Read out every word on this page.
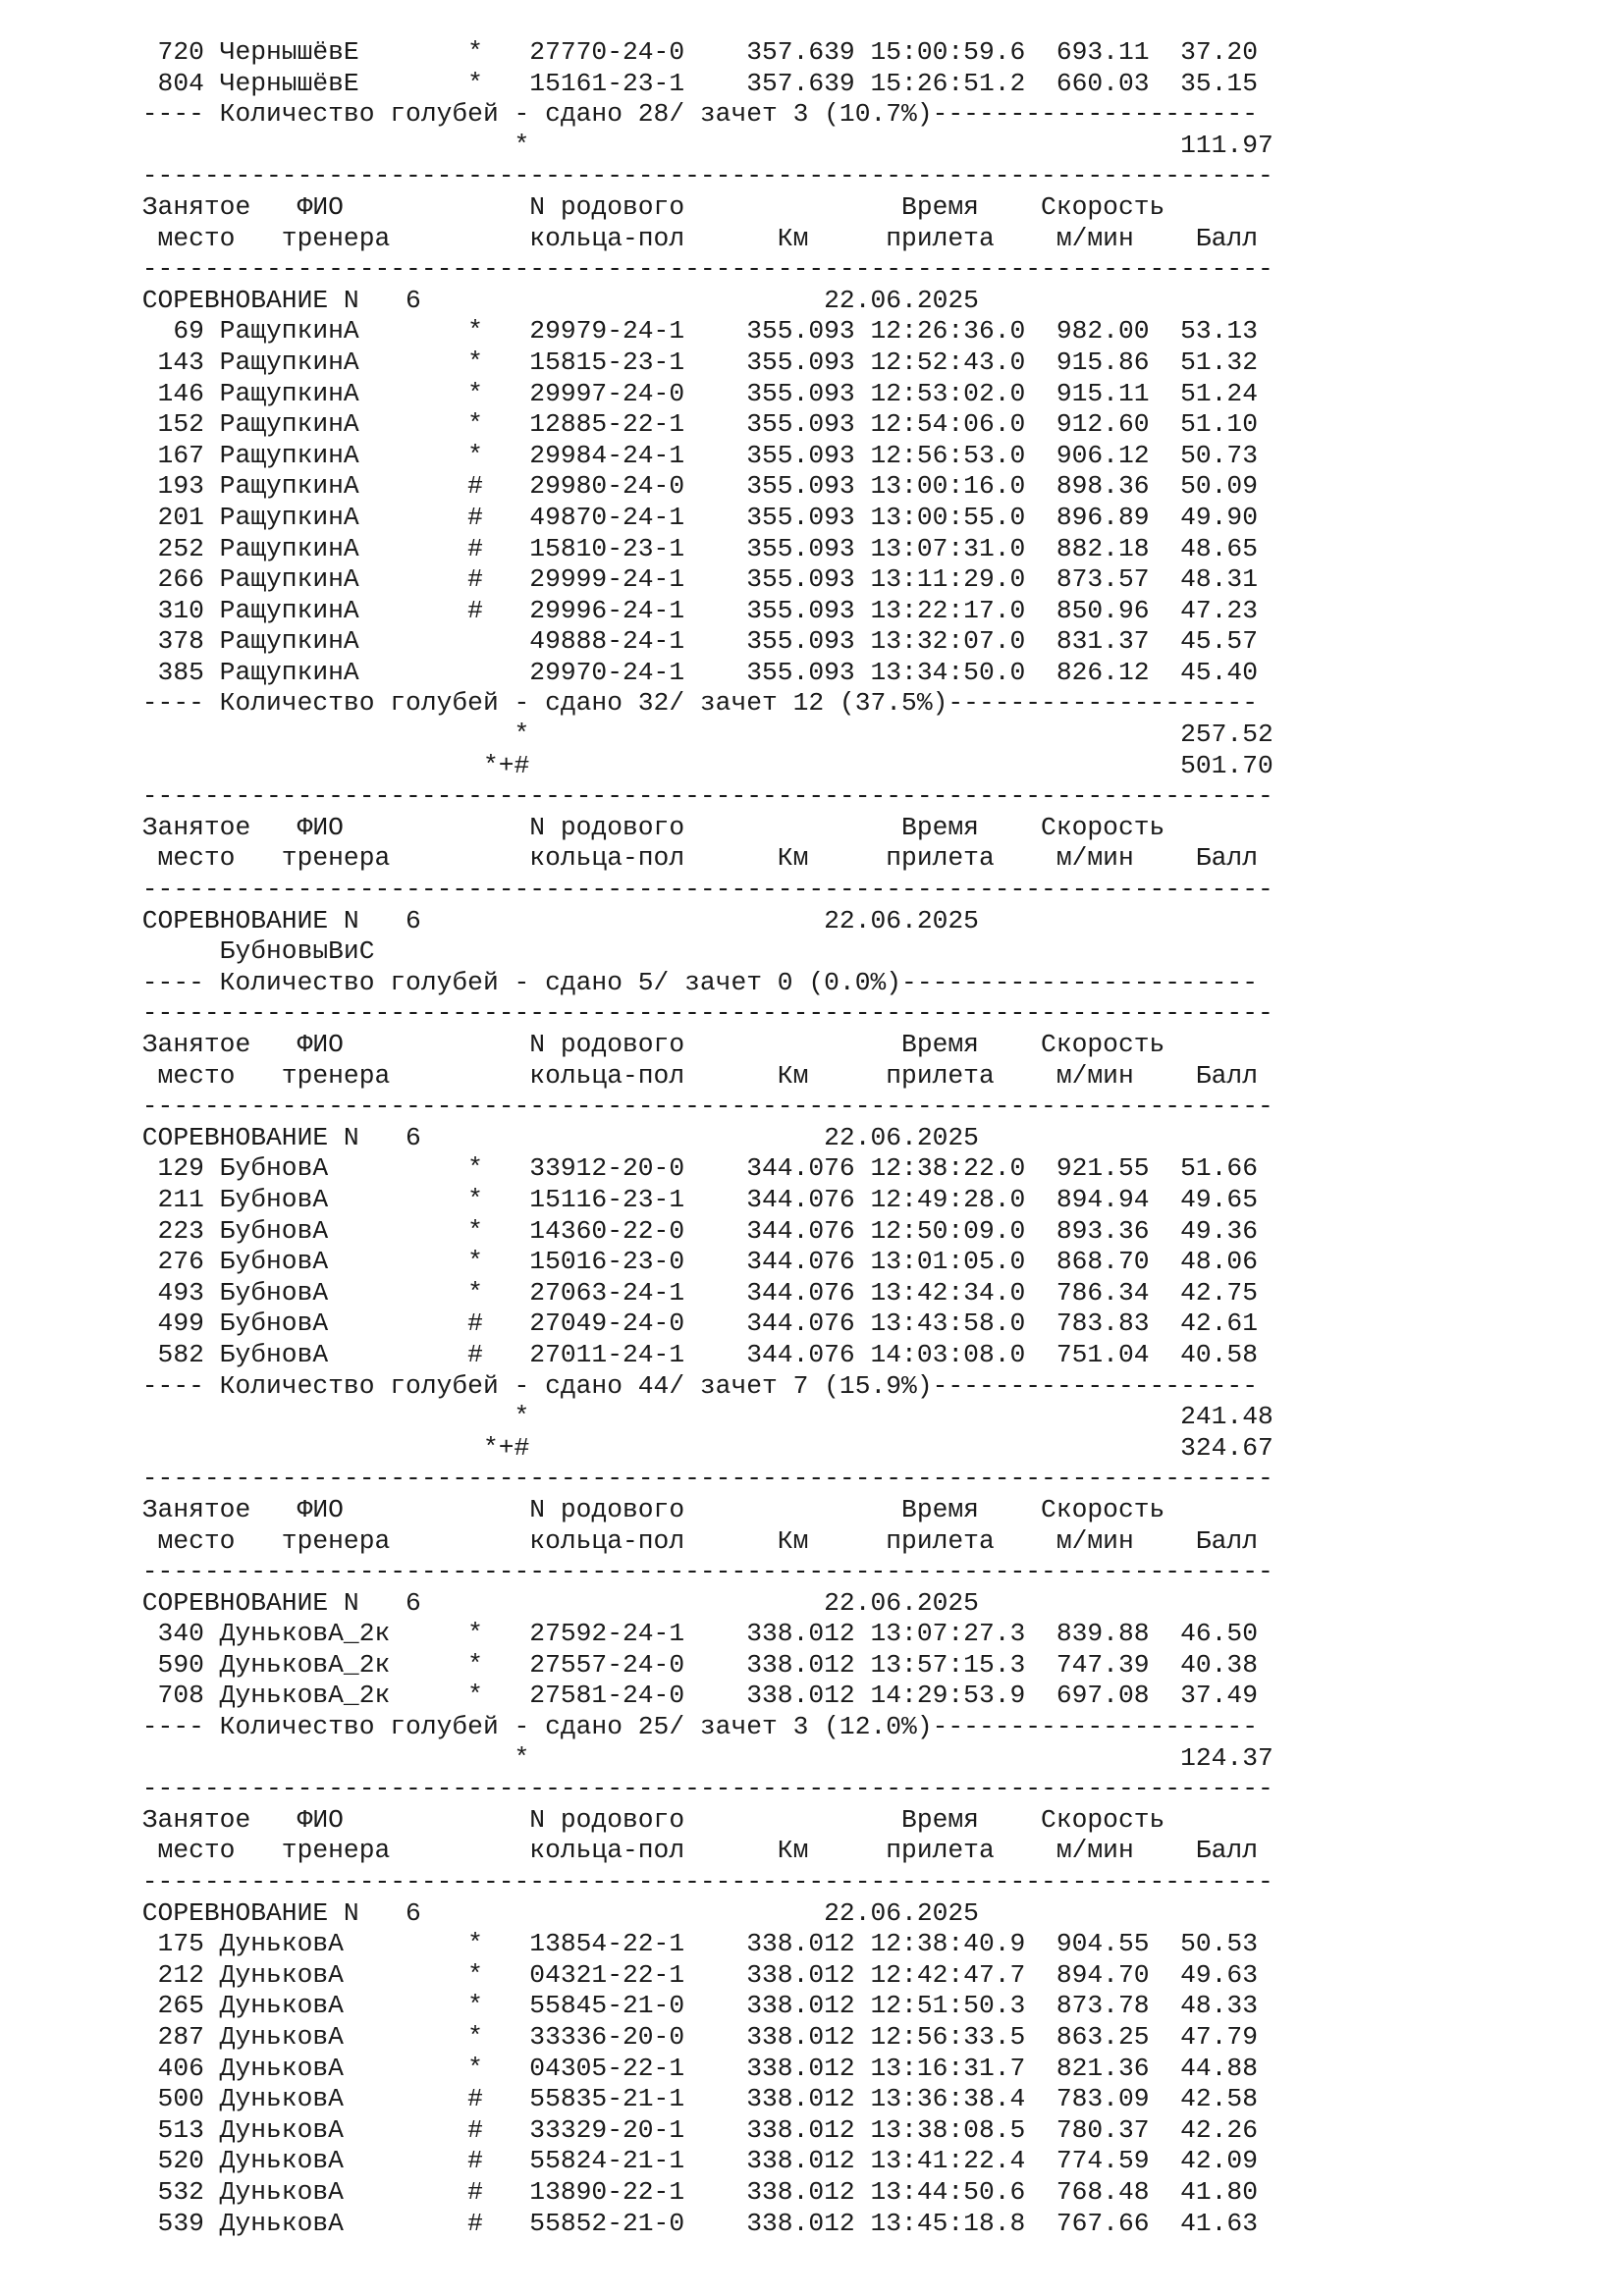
720 ЧернышёвЕ       *   27770-24-0    357.639 15:00:59.6  693.11  37.20
804 ЧернышёвЕ       *   15161-23-1    357.639 15:26:51.2  660.03  35.15
---- Количество голубей - сдано 28/ зачет 3 (10.7%)---------------------
*                                          111.97
-------------------------------------------------------------------------
Занятое   ФИО            N родового              Время    Скорость
место   тренера         кольца-пол      Км     прилета    м/мин    Балл
-------------------------------------------------------------------------
СОРЕВНОВАНИЕ N   6                          22.06.2025
69 РащупкинА       *   29979-24-1    355.093 12:26:36.0  982.00  53.13
143 РащупкинА       *   15815-23-1    355.093 12:52:43.0  915.86  51.32
146 РащупкинА       *   29997-24-0    355.093 12:53:02.0  915.11  51.24
152 РащупкинА       *   12885-22-1    355.093 12:54:06.0  912.60  51.10
167 РащупкинА       *   29984-24-1    355.093 12:56:53.0  906.12  50.73
193 РащупкинА       #   29980-24-0    355.093 13:00:16.0  898.36  50.09
201 РащупкинА       #   49870-24-1    355.093 13:00:55.0  896.89  49.90
252 РащупкинА       #   15810-23-1    355.093 13:07:31.0  882.18  48.65
266 РащупкинА       #   29999-24-1    355.093 13:11:29.0  873.57  48.31
310 РащупкинА       #   29996-24-1    355.093 13:22:17.0  850.96  47.23
378 РащупкинА           49888-24-1    355.093 13:32:07.0  831.37  45.57
385 РащупкинА           29970-24-1    355.093 13:34:50.0  826.12  45.40
---- Количество голубей - сдано 32/ зачет 12 (37.5%)--------------------
*                                          257.52
*+#                                          501.70
-------------------------------------------------------------------------
Занятое   ФИО            N родового              Время    Скорость
место   тренера         кольца-пол      Км     прилета    м/мин    Балл
-------------------------------------------------------------------------
СОРЕВНОВАНИЕ N   6                          22.06.2025
БубновыВиС
---- Количество голубей - сдано 5/ зачет 0 (0.0%)-----------------------
-------------------------------------------------------------------------
Занятое   ФИО            N родового              Время    Скорость
место   тренера         кольца-пол      Км     прилета    м/мин    Балл
-------------------------------------------------------------------------
СОРЕВНОВАНИЕ N   6                          22.06.2025
129 БубновА         *   33912-20-0    344.076 12:38:22.0  921.55  51.66
211 БубновА         *   15116-23-1    344.076 12:49:28.0  894.94  49.65
223 БубновА         *   14360-22-0    344.076 12:50:09.0  893.36  49.36
276 БубновА         *   15016-23-0    344.076 13:01:05.0  868.70  48.06
493 БубновА         *   27063-24-1    344.076 13:42:34.0  786.34  42.75
499 БубновА         #   27049-24-0    344.076 13:43:58.0  783.83  42.61
582 БубновА         #   27011-24-1    344.076 14:03:08.0  751.04  40.58
---- Количество голубей - сдано 44/ зачет 7 (15.9%)---------------------
*                                          241.48
*+#                                          324.67
-------------------------------------------------------------------------
Занятое   ФИО            N родового              Время    Скорость
место   тренера         кольца-пол      Км     прилета    м/мин    Балл
-------------------------------------------------------------------------
СОРЕВНОВАНИЕ N   6                          22.06.2025
340 ДуньковА_2к     *   27592-24-1    338.012 13:07:27.3  839.88  46.50
590 ДуньковА_2к     *   27557-24-0    338.012 13:57:15.3  747.39  40.38
708 ДуньковА_2к     *   27581-24-0    338.012 14:29:53.9  697.08  37.49
---- Количество голубей - сдано 25/ зачет 3 (12.0%)---------------------
*                                          124.37
-------------------------------------------------------------------------
Занятое   ФИО            N родового              Время    Скорость
место   тренера         кольца-пол      Км     прилета    м/мин    Балл
-------------------------------------------------------------------------
СОРЕВНОВАНИЕ N   6                          22.06.2025
175 ДуньковА        *   13854-22-1    338.012 12:38:40.9  904.55  50.53
212 ДуньковА        *   04321-22-1    338.012 12:42:47.7  894.70  49.63
265 ДуньковА        *   55845-21-0    338.012 12:51:50.3  873.78  48.33
287 ДуньковА        *   33336-20-0    338.012 12:56:33.5  863.25  47.79
406 ДуньковА        *   04305-22-1    338.012 13:16:31.7  821.36  44.88
500 ДуньковА        #   55835-21-1    338.012 13:36:38.4  783.09  42.58
513 ДуньковА        #   33329-20-1    338.012 13:38:08.5  780.37  42.26
520 ДуньковА        #   55824-21-1    338.012 13:41:22.4  774.59  42.09
532 ДуньковА        #   13890-22-1    338.012 13:44:50.6  768.48  41.80
539 ДуньковА        #   55852-21-0    338.012 13:45:18.8  767.66  41.63
